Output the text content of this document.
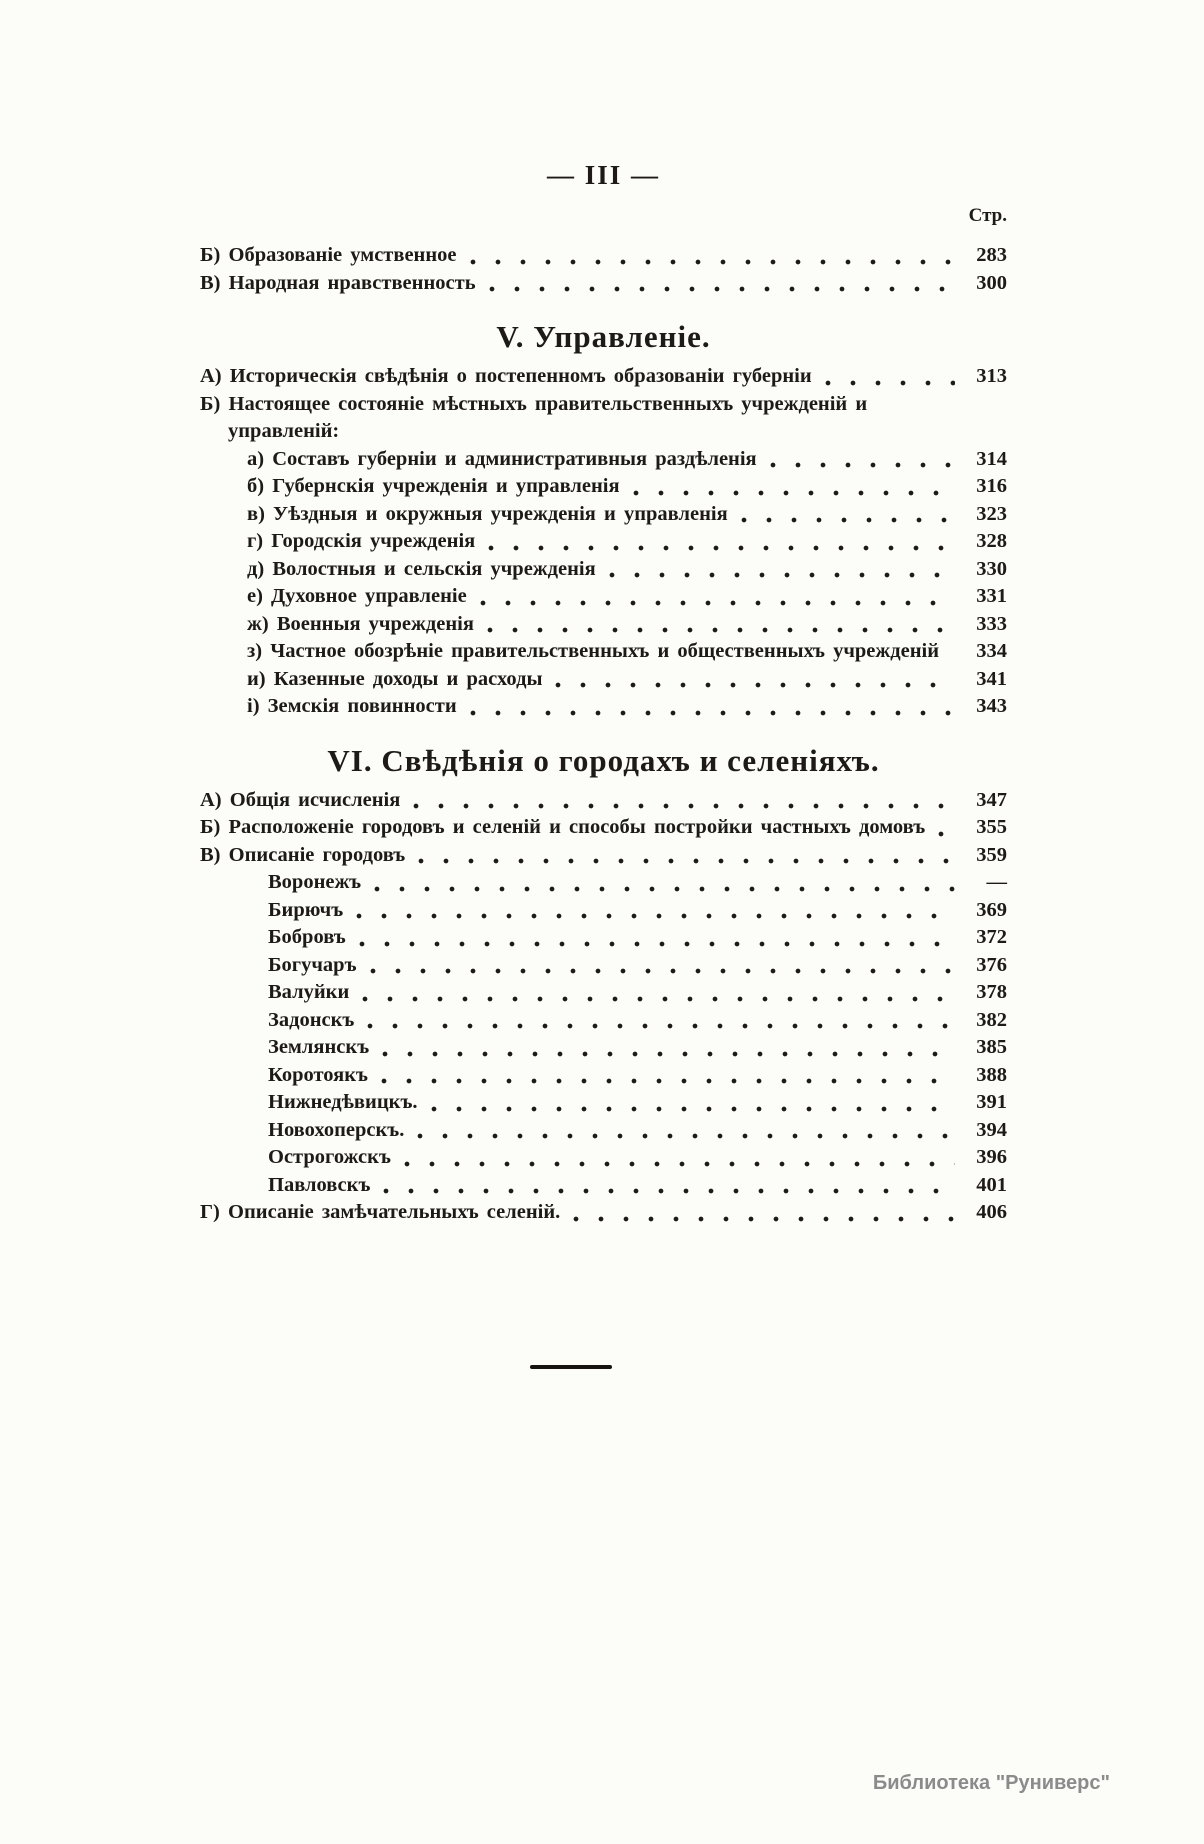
— III —
Стр.
Б) Образованіе умственное	283
В) Народная нравственность	300
V. Управленіе.
А) Историческія свѣдѣнія о постепенномъ образованіи губерніи	313
Б) Настоящее состояніе мѣстныхъ правительственныхъ учрежденій и
управленій:
а) Составъ губерніи и административныя раздѣленія	314
б) Губернскія учрежденія и управленія	316
в) Уѣздныя и окружныя учрежденія и управленія	323
г) Городскія учрежденія	328
д) Волостныя и сельскія учрежденія	330
е) Духовное управленіе	331
ж) Военныя учрежденія	333
з) Частное обозрѣніе правительственныхъ и общественныхъ учрежденій	334
и) Казенные доходы и расходы	341
і) Земскія повинности	343
VI. Свѣдѣнія о городахъ и селеніяхъ.
А) Общія исчисленія	347
Б) Расположеніе городовъ и селеній и способы постройки частныхъ домовъ	355
В) Описаніе городовъ	359
Воронежъ	—
Бирючъ	369
Бобровъ	372
Богучаръ	376
Валуйки	378
Задонскъ	382
Землянскъ	385
Коротоякъ	388
Нижнедѣвицкъ.	391
Новохоперскъ.	394
Острогожскъ	396
Павловскъ	401
Г) Описаніе замѣчательныхъ селеній.	406
Библиотека "Руниверс"
